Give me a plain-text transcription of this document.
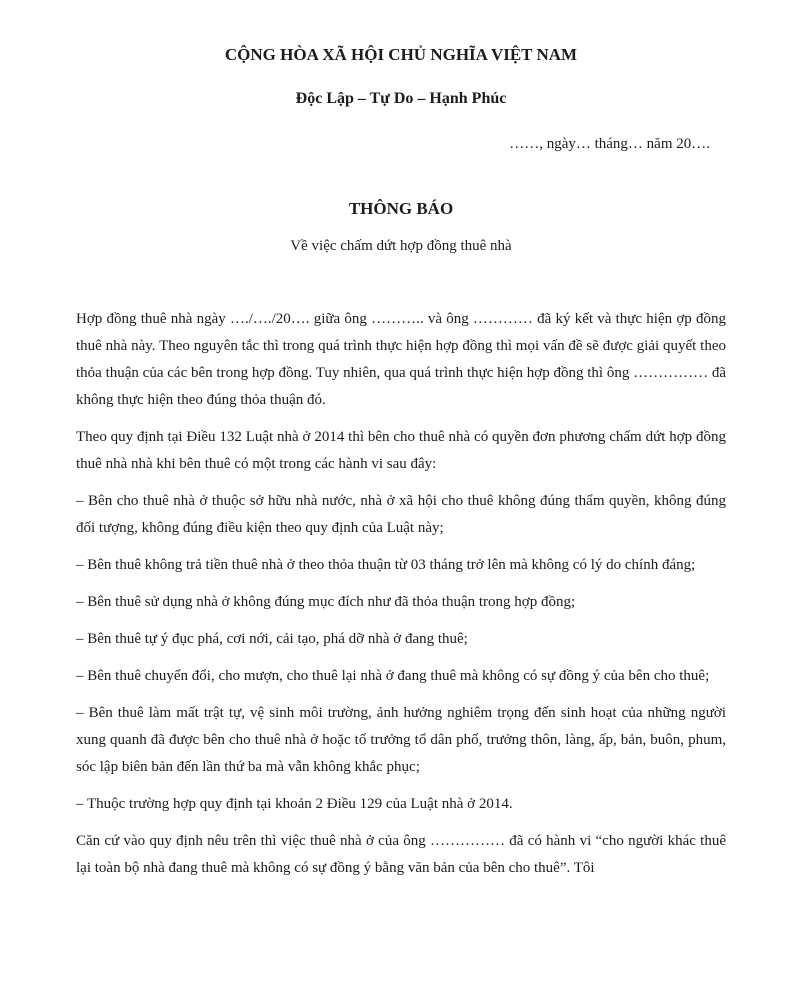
CỘNG HÒA XÃ HỘI CHỦ NGHĨA VIỆT NAM

Độc Lập – Tự Do – Hạnh Phúc

……, ngày… tháng… năm 20….

THÔNG BÁO

Về việc chấm dứt hợp đồng thuê nhà

Hợp đồng thuê nhà ngày …./…./20…. giữa ông ……….. và ông ………… đã ký kết và thực hiện ợp đồng thuê nhà này. Theo nguyên tắc thì trong quá trình thực hiện hợp đồng thì mọi vấn đề sẽ được giải quyết theo thỏa thuận của các bên trong hợp đồng. Tuy nhiên, qua quá trình thực hiện hợp đồng thì ông …………… đã không thực hiện theo đúng thỏa thuận đó.

Theo quy định tại Điều 132 Luật nhà ở 2014 thì bên cho thuê nhà có quyền đơn phương chấm dứt hợp đồng thuê nhà nhà khi bên thuê có một trong các hành vi sau đây:

– Bên cho thuê nhà ở thuộc sở hữu nhà nước, nhà ở xã hội cho thuê không đúng thẩm quyền, không đúng đối tượng, không đúng điều kiện theo quy định của Luật này;

– Bên thuê không trả tiền thuê nhà ở theo thỏa thuận từ 03 tháng trở lên mà không có lý do chính đáng;

– Bên thuê sử dụng nhà ở không đúng mục đích như đã thỏa thuận trong hợp đồng;

– Bên thuê tự ý đục phá, cơi nới, cải tạo, phá dỡ nhà ở đang thuê;

– Bên thuê chuyển đổi, cho mượn, cho thuê lại nhà ở đang thuê mà không có sự đồng ý của bên cho thuê;

– Bên thuê làm mất trật tự, vệ sinh môi trường, ảnh hưởng nghiêm trọng đến sinh hoạt của những người xung quanh đã được bên cho thuê nhà ở hoặc tổ trưởng tổ dân phố, trưởng thôn, làng, ấp, bản, buôn, phum, sóc lập biên bản đến lần thứ ba mà vẫn không khắc phục;

– Thuộc trường hợp quy định tại khoản 2 Điều 129 của Luật nhà ở 2014.

Căn cứ vào quy định nêu trên thì việc thuê nhà ở của ông …………… đã có hành vi “cho người khác thuê lại toàn bộ nhà đang thuê mà không có sự đồng ý bằng văn bản của bên cho thuê”. Tôi
